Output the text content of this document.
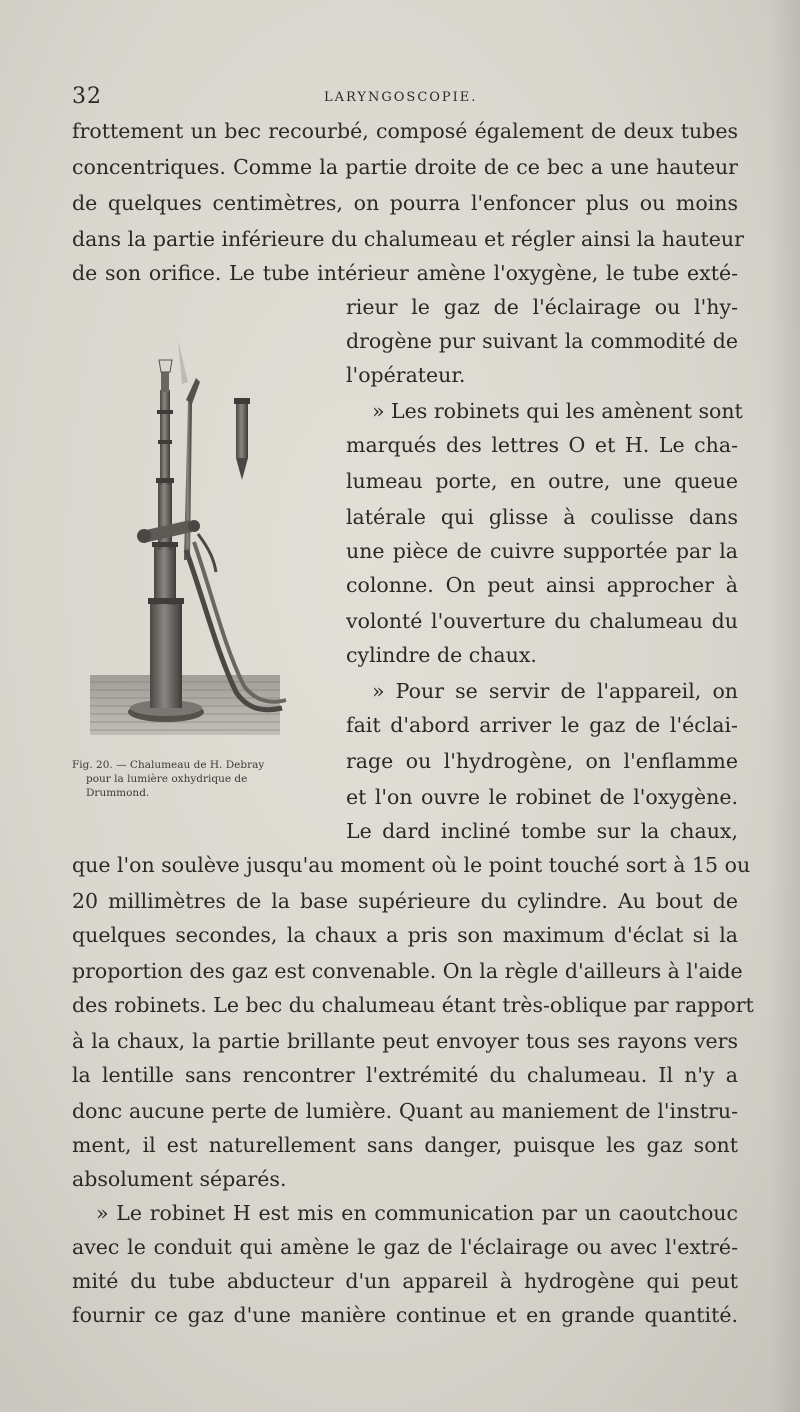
32	LARYNGOSCOPIE.
frottement un bec recourbé, composé également de deux tubes
concentriques. Comme la partie droite de ce bec a une hauteur
de quelques centimètres, on pourra l'enfoncer plus ou moins
dans la partie inférieure du chalumeau et régler ainsi la hauteur
de son orifice. Le tube intérieur amène l'oxygène, le tube exté-
rieur le gaz de l'éclairage ou l'hy-
drogène pur suivant la commodité de
l'opérateur.
» Les robinets qui les amènent sont
marqués des lettres O et H. Le cha-
lumeau porte, en outre, une queue
latérale qui glisse à coulisse dans
une pièce de cuivre supportée par la
colonne. On peut ainsi approcher à
volonté l'ouverture du chalumeau du
cylindre de chaux.
» Pour se servir de l'appareil, on
fait d'abord arriver le gaz de l'éclai-
rage ou l'hydrogène, on l'enflamme
et l'on ouvre le robinet de l'oxygène.
Le dard incliné tombe sur la chaux,
que l'on soulève jusqu'au moment où le point touché sort à 15 ou
20 millimètres de la base supérieure du cylindre. Au bout de
quelques secondes, la chaux a pris son maximum d'éclat si la
proportion des gaz est convenable. On la règle d'ailleurs à l'aide
des robinets. Le bec du chalumeau étant très-oblique par rapport
à la chaux, la partie brillante peut envoyer tous ses rayons vers
la lentille sans rencontrer l'extrémité du chalumeau. Il n'y a
donc aucune perte de lumière. Quant au maniement de l'instru-
ment, il est naturellement sans danger, puisque les gaz sont
absolument séparés.
» Le robinet H est mis en communication par un caoutchouc
avec le conduit qui amène le gaz de l'éclairage ou avec l'extré-
mité du tube abducteur d'un appareil à hydrogène qui peut
fournir ce gaz d'une manière continue et en grande quantité.
Fig. 20. — Chalumeau de H. Debray
pour la lumière oxhydrique de
Drummond.
